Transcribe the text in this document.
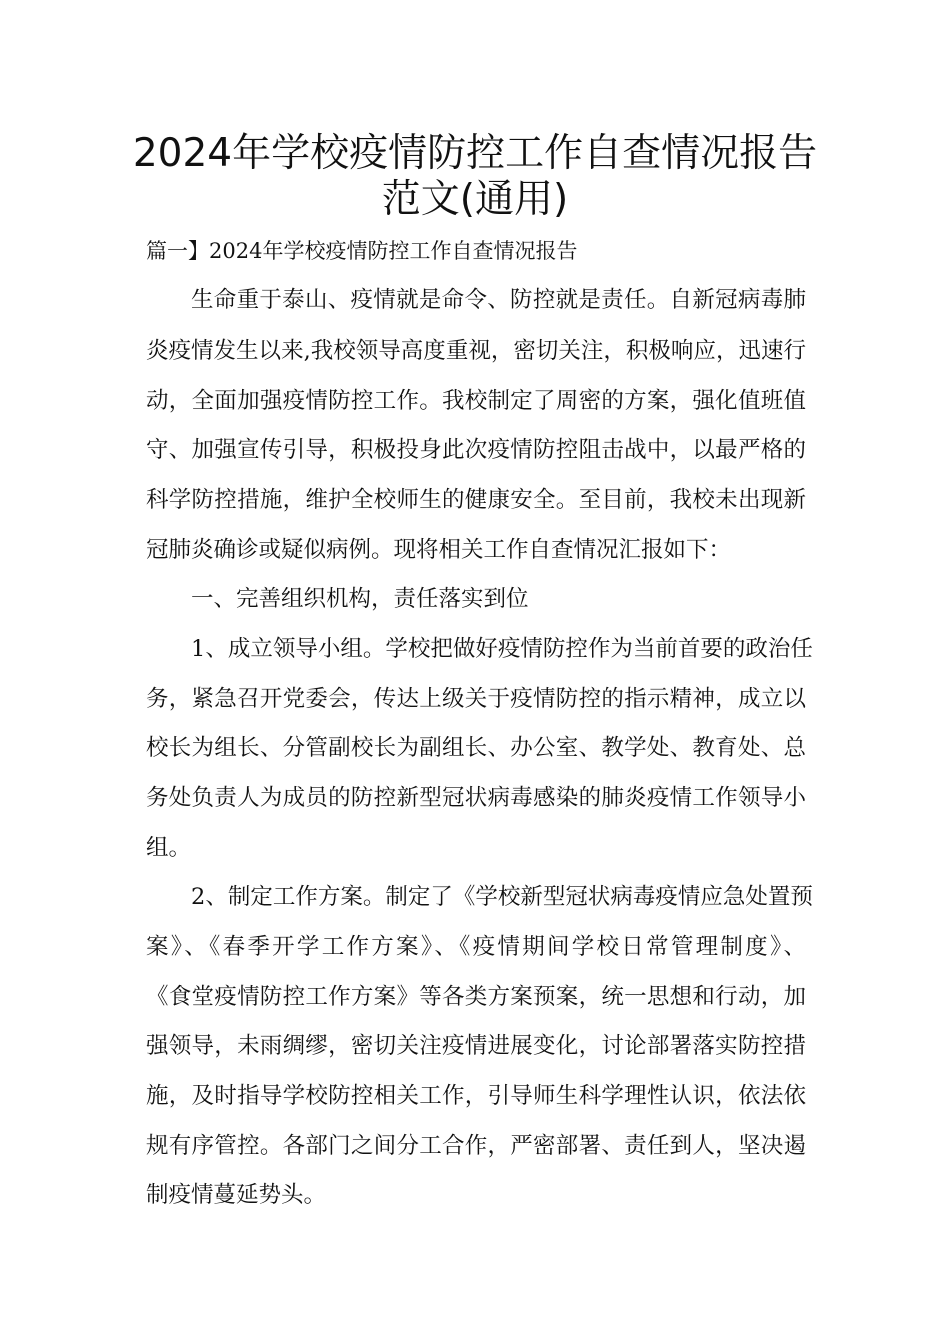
2024年学校疫情防控工作自查情况报告
范文(通用)
篇一】2024年学校疫情防控工作自查情况报告
生命重于泰山、疫情就是命令、防控就是责任。自新冠病毒肺
炎疫情发生以来,我校领导高度重视，密切关注，积极响应，迅速行
动，全面加强疫情防控工作。我校制定了周密的方案，强化值班值
守、加强宣传引导，积极投身此次疫情防控阻击战中，以最严格的
科学防控措施，维护全校师生的健康安全。至目前，我校未出现新
冠肺炎确诊或疑似病例。现将相关工作自查情况汇报如下：
一、完善组织机构，责任落实到位
1、成立领导小组。学校把做好疫情防控作为当前首要的政治任
务，紧急召开党委会，传达上级关于疫情防控的指示精神，成立以
校长为组长、分管副校长为副组长、办公室、教学处、教育处、总
务处负责人为成员的防控新型冠状病毒感染的肺炎疫情工作领导小
组。
2、制定工作方案。制定了《学校新型冠状病毒疫情应急处置预
案》、《春季开学工作方案》、《疫情期间学校日常管理制度》、
《食堂疫情防控工作方案》等各类方案预案，统一思想和行动，加
强领导，未雨绸缪，密切关注疫情进展变化，讨论部署落实防控措
施，及时指导学校防控相关工作，引导师生科学理性认识，依法依
规有序管控。各部门之间分工合作，严密部署、责任到人，坚决遏
制疫情蔓延势头。
